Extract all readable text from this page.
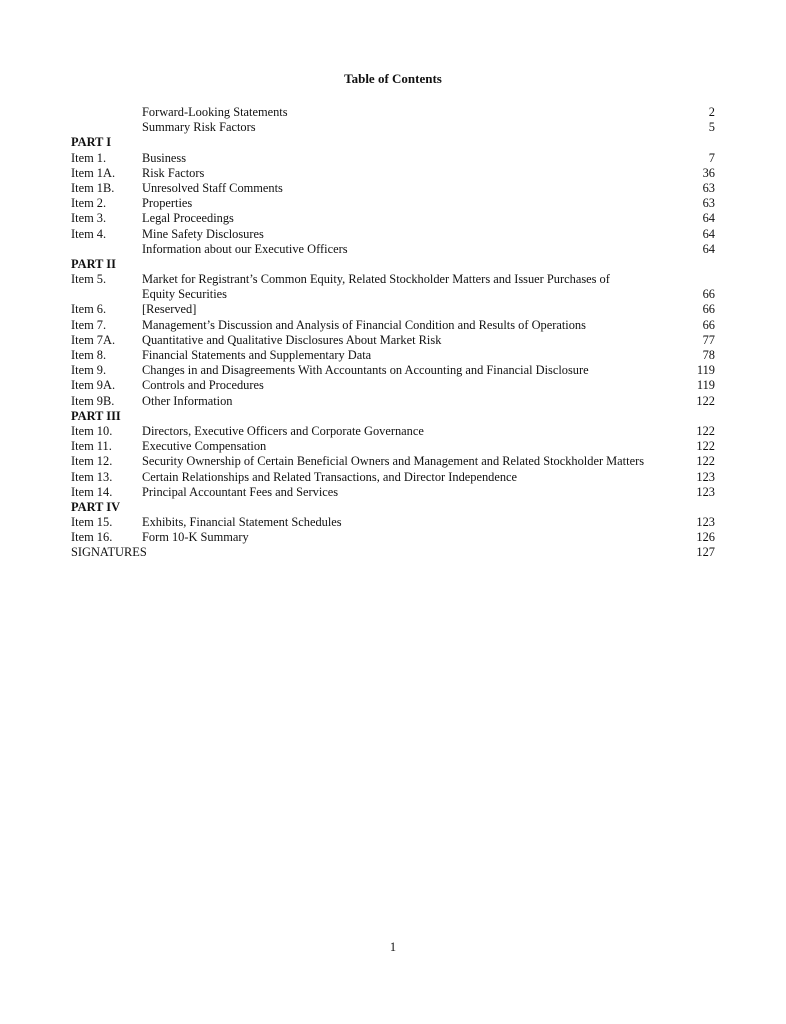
Table of Contents
Forward-Looking Statements	2
Summary Risk Factors	5
PART I
Item 1.	Business	7
Item 1A. Risk Factors	36
Item 1B. Unresolved Staff Comments	63
Item 2.	Properties	63
Item 3.	Legal Proceedings	64
Item 4.	Mine Safety Disclosures	64
Information about our Executive Officers	64
PART II
Item 5.	Market for Registrant’s Common Equity, Related Stockholder Matters and Issuer Purchases of
Equity Securities	66
Item 6.	[Reserved]	66
Item 7.	Management’s Discussion and Analysis of Financial Condition and Results of Operations	66
Item 7A. Quantitative and Qualitative Disclosures About Market Risk	77
Item 8.	Financial Statements and Supplementary Data	78
Item 9.	Changes in and Disagreements With Accountants on Accounting and Financial Disclosure	119
Item 9A. Controls and Procedures	119
Item 9B. Other Information	122
PART III
Item 10. Directors, Executive Officers and Corporate Governance	122
Item 11. Executive Compensation	122
Item 12. Security Ownership of Certain Beneficial Owners and Management and Related Stockholder Matters	122
Item 13. Certain Relationships and Related Transactions, and Director Independence	123
Item 14. Principal Accountant Fees and Services	123
PART IV
Item 15. Exhibits, Financial Statement Schedules	123
Item 16. Form 10-K Summary	126
SIGNATURES	127
1
